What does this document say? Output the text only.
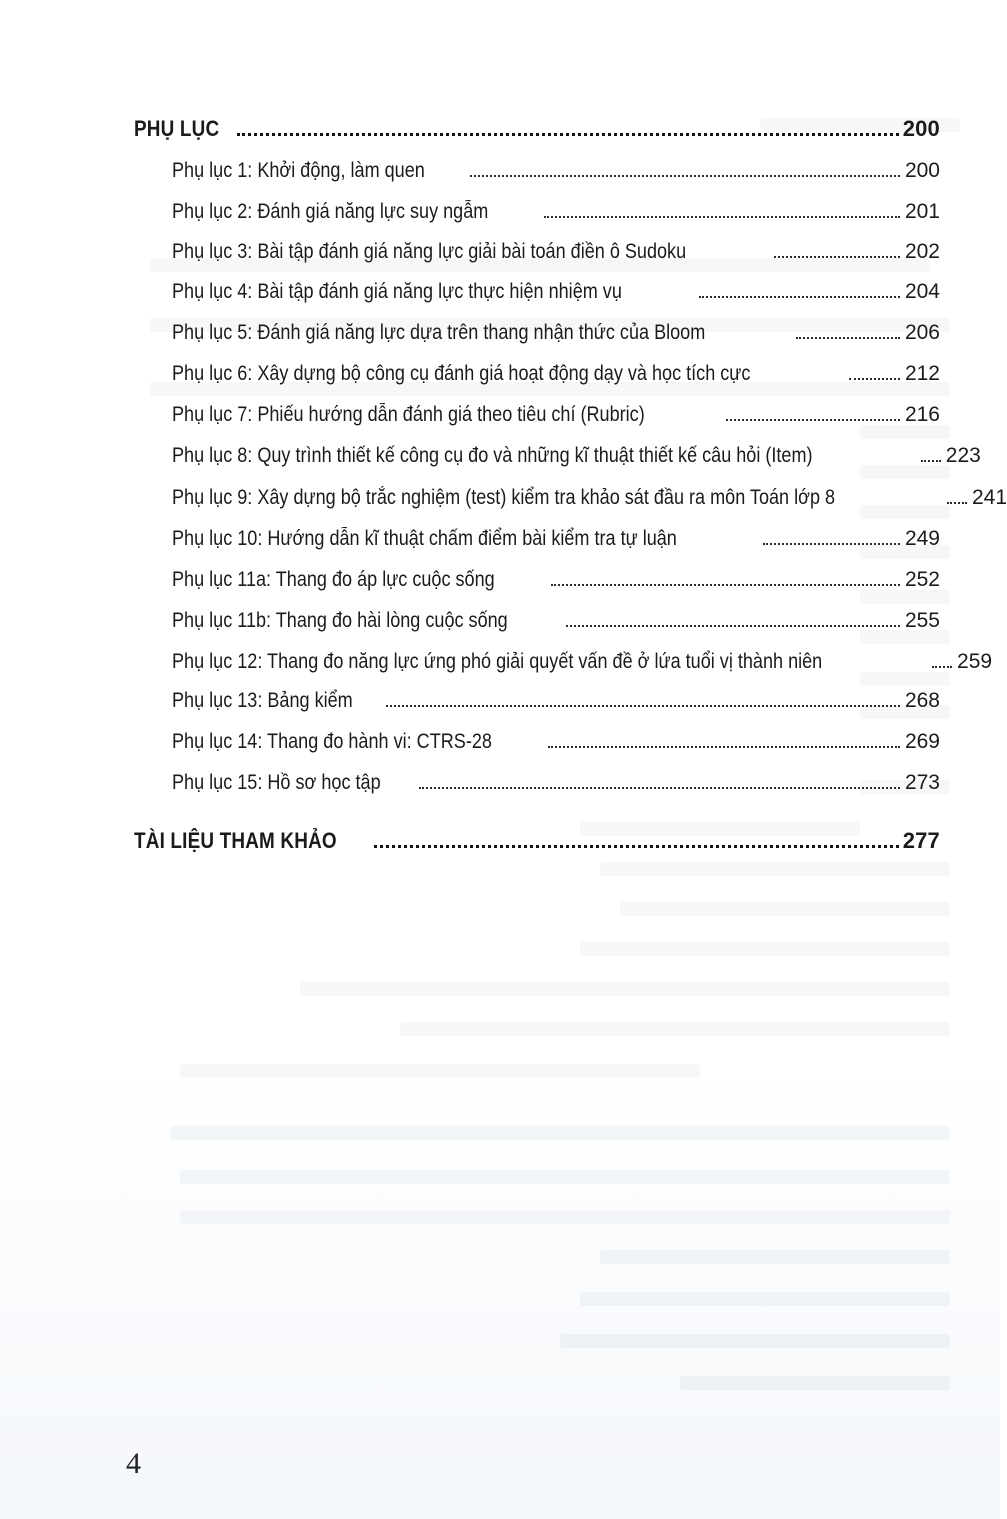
PHỤ LỤC	200
Phụ lục 1: Khởi động, làm quen	200
Phụ lục 2: Đánh giá năng lực suy ngẫm	201
Phụ lục 3: Bài tập đánh giá năng lực giải bài toán điền ô Sudoku	202
Phụ lục 4: Bài tập đánh giá năng lực thực hiện nhiệm vụ	204
Phụ lục 5: Đánh giá năng lực dựa trên thang nhận thức của Bloom	206
Phụ lục 6: Xây dựng bộ công cụ đánh giá hoạt động dạy và học tích cực	212
Phụ lục 7: Phiếu hướng dẫn đánh giá theo tiêu chí (Rubric)	216
Phụ lục 8: Quy trình thiết kế công cụ đo và những kĩ thuật thiết kế câu hỏi (Item)	223
Phụ lục 9: Xây dựng bộ trắc nghiệm (test) kiểm tra khảo sát đầu ra môn Toán lớp 8	241
Phụ lục 10: Hướng dẫn kĩ thuật chấm điểm bài kiểm tra tự luận	249
Phụ lục 11a: Thang đo áp lực cuộc sống	252
Phụ lục 11b: Thang đo hài lòng cuộc sống	255
Phụ lục 12: Thang đo năng lực ứng phó giải quyết vấn đề ở lứa tuổi vị thành niên	259
Phụ lục 13: Bảng kiểm	268
Phụ lục 14: Thang đo hành vi: CTRS-28	269
Phụ lục 15: Hồ sơ học tập	273
TÀI LIỆU THAM KHẢO	277
4
